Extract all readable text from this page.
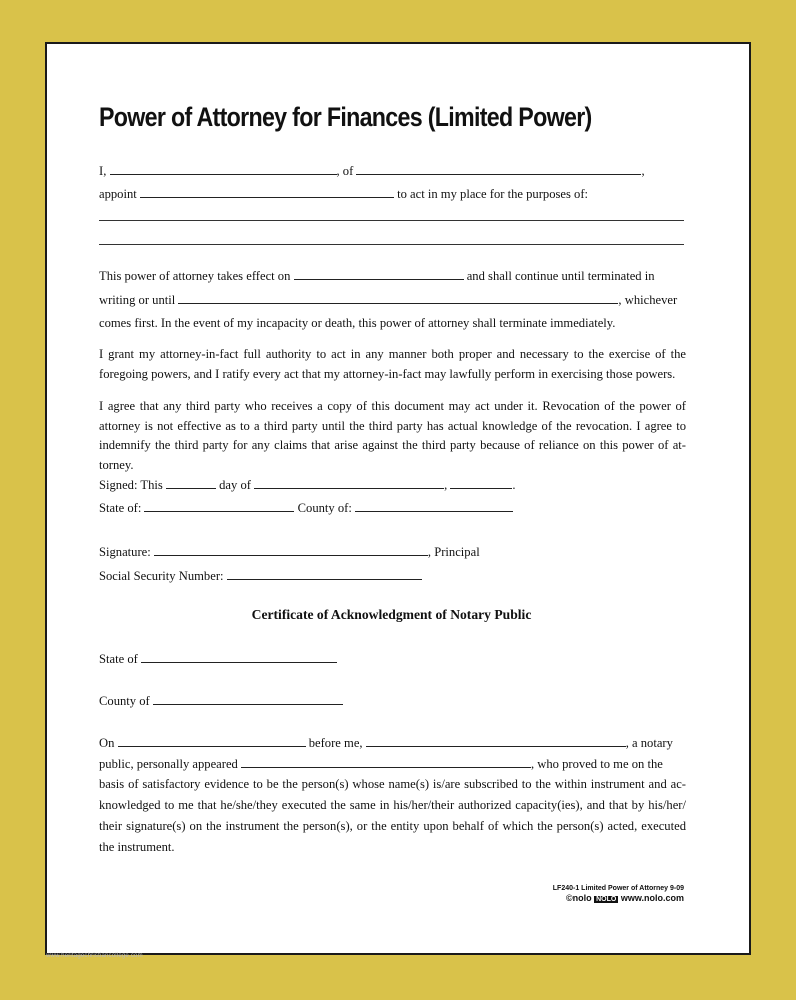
Power of Attorney for Finances (Limited Power)
I,	, of	,
appoint	to act in my place for the purposes of:
This power of attorney takes effect on	and shall continue until terminated in
writing or until	, whichever
comes first. In the event of my incapacity or death, this power of attorney shall terminate immediately.

I grant my attorney-in-fact full authority to act in any manner both proper and necessary to the exercise of the foregoing powers, and I ratify every act that my attorney-in-fact may lawfully perform in exercising those powers.

I agree that any third party who receives a copy of this document may act under it. Revocation of the power of attorney is not effective as to a third party until the third party has actual knowledge of the revocation. I agree to indemnify the third party for any claims that arise against the third party because of reliance on this power of at-torney.

Signed: This	day of	,	.
State of:	County of:
Signature:	, Principal
Social Security Number:
Certificate of Acknowledgment of Notary Public
State of
County of
On	before me,	, a notary
public, personally appeared	, who proved to me on the

basis of satisfactory evidence to be the person(s) whose name(s) is/are subscribed to the within instrument and ac-knowledged to me that he/she/they executed the same in his/her/their authorized capacity(ies), and that by his/her/ their signature(s) on the instrument the person(s), or the entity upon behalf of which the person(s) acted, executed the instrument.

LF240-1 Limited Power of Attorney 9-09
©nolo NOLO www.nolo.com
www.heritagechristiancollege.com
